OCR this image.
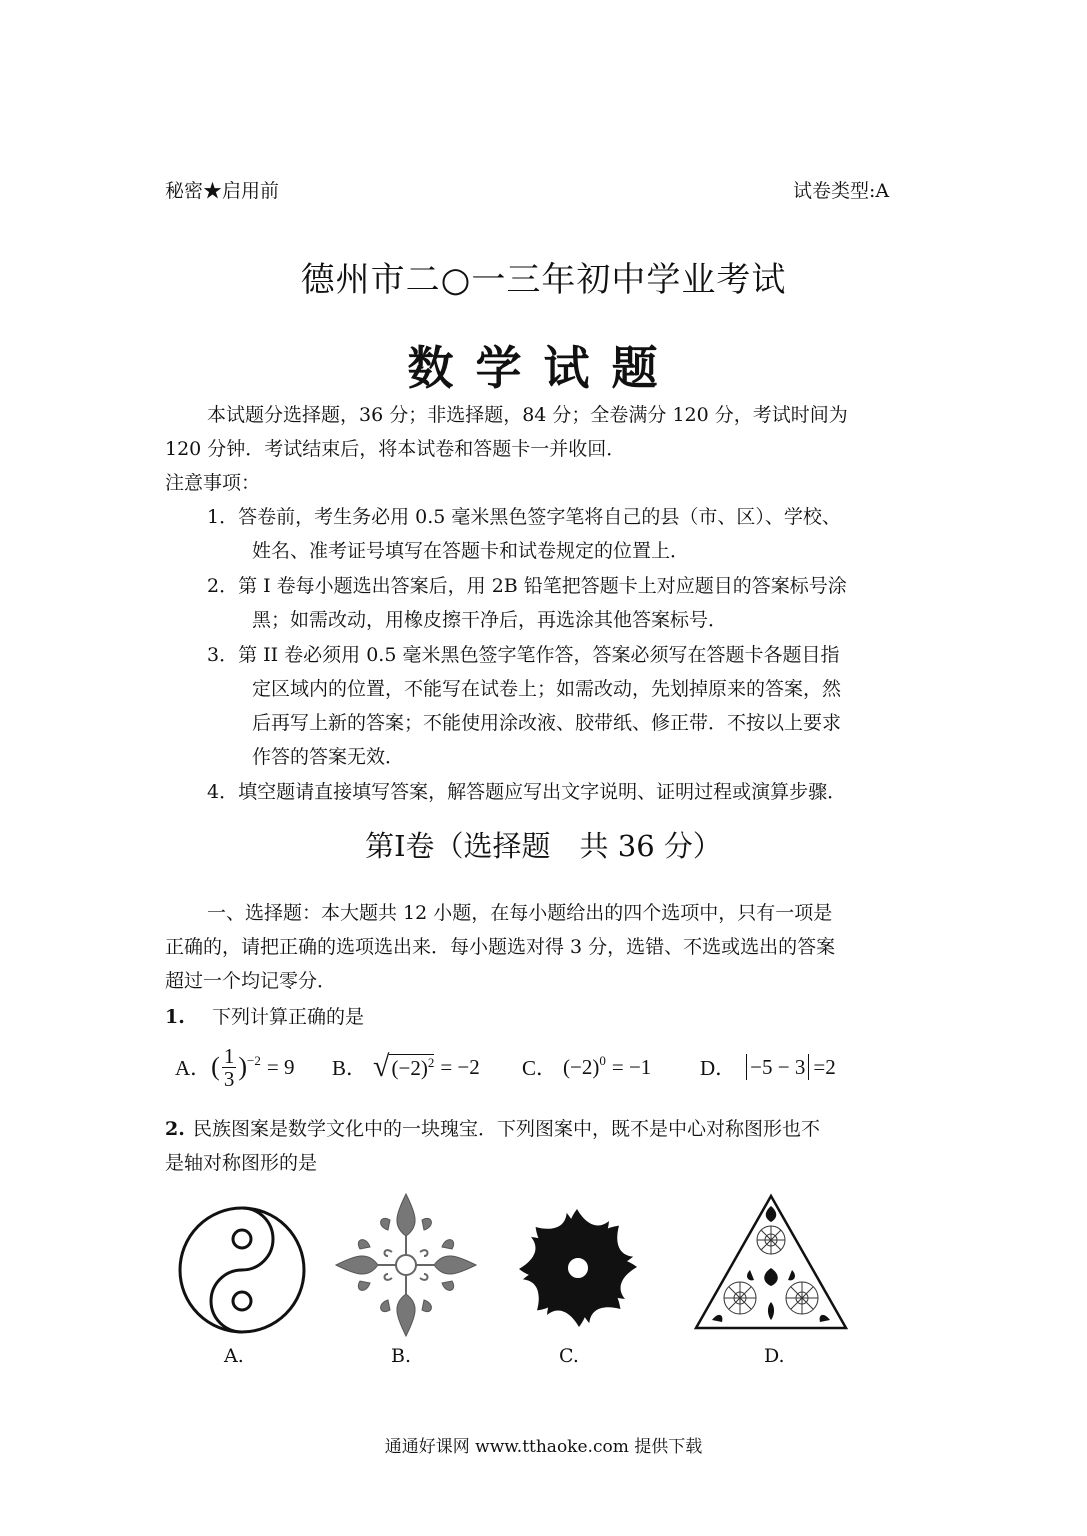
秘密★启用前	试卷类型:A
德州市二○一三年初中学业考试
数学试题
本试题分选择题，36 分；非选择题，84 分；全卷满分 120 分，考试时间为
120 分钟．考试结束后，将本试卷和答题卡一并收回．
注意事项：
1．答卷前，考生务必用 0.5 毫米黑色签字笔将自己的县（市、区）、学校、
姓名、准考证号填写在答题卡和试卷规定的位置上．
2．第 I 卷每小题选出答案后，用 2B 铅笔把答题卡上对应题目的答案标号涂
黑；如需改动，用橡皮擦干净后，再选涂其他答案标号．
3．第 II 卷必须用 0.5 毫米黑色签字笔作答，答案必须写在答题卡各题目指
定区域内的位置，不能写在试卷上；如需改动，先划掉原来的答案，然
后再写上新的答案；不能使用涂改液、胶带纸、修正带．不按以上要求
作答的答案无效．
4．填空题请直接填写答案，解答题应写出文字说明、证明过程或演算步骤．
第I卷（选择题　共 36 分）
一、选择题：本大题共 12 小题，在每小题给出的四个选项中，只有一项是
正确的，请把正确的选项选出来．每小题选对得 3 分，选错、不选或选出的答案
超过一个均记零分．
1. 下列计算正确的是
A． ( $\frac{1}{3} )^{-2} = 9$ B． √ $(-2)^2 = -2$ C． $(-2)^0 = -1$ D． −5 − 3 =2
2. 民族图案是数学文化中的一块瑰宝．下列图案中，既不是中心对称图形也不
是轴对称图形的是
A.	B.	C.	D.
通通好课网 www.tthaoke.com 提供下载
